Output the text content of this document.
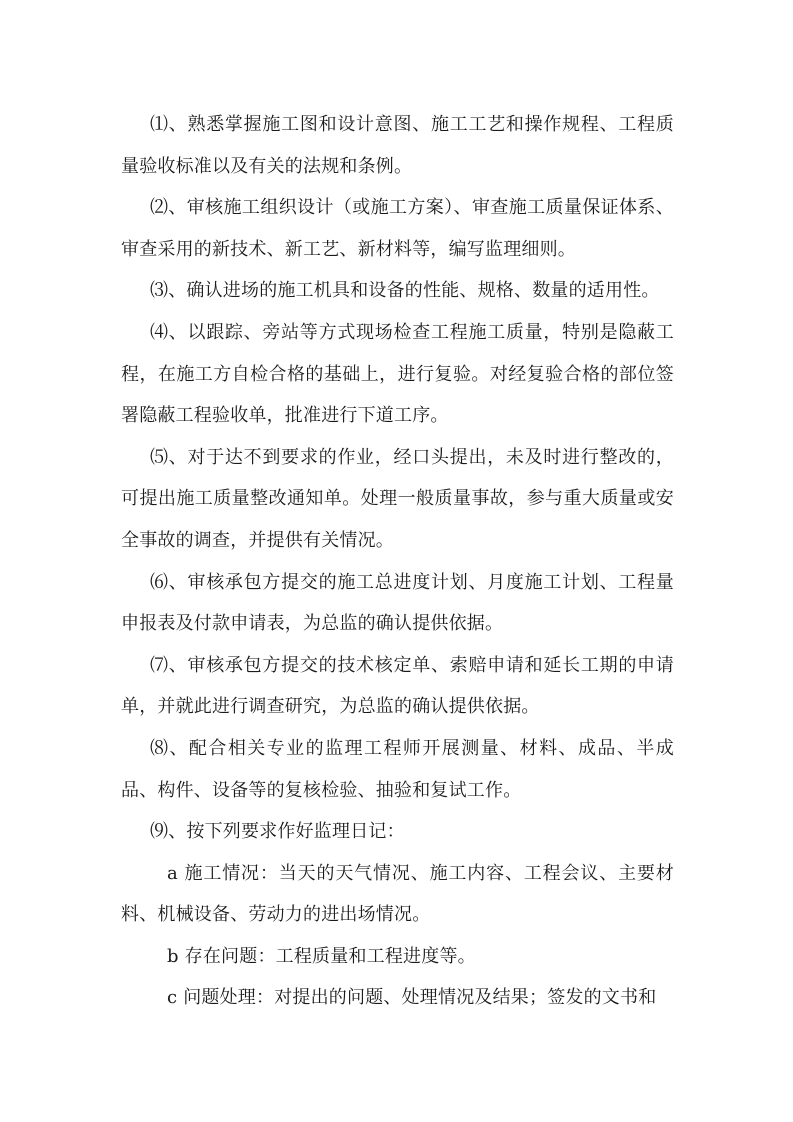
⑴、熟悉掌握施工图和设计意图、施工工艺和操作规程、工程质量验收标准以及有关的法规和条例。

⑵、审核施工组织设计（或施工方案）、审查施工质量保证体系、审查采用的新技术、新工艺、新材料等，编写监理细则。

⑶、确认进场的施工机具和设备的性能、规格、数量的适用性。

⑷、以跟踪、旁站等方式现场检查工程施工质量，特别是隐蔽工程，在施工方自检合格的基础上，进行复验。对经复验合格的部位签署隐蔽工程验收单，批准进行下道工序。

⑸、对于达不到要求的作业，经口头提出，未及时进行整改的，可提出施工质量整改通知单。处理一般质量事故，参与重大质量或安全事故的调查，并提供有关情况。

⑹、审核承包方提交的施工总进度计划、月度施工计划、工程量申报表及付款申请表，为总监的确认提供依据。

⑺、审核承包方提交的技术核定单、索赔申请和延长工期的申请单，并就此进行调查研究，为总监的确认提供依据。

⑻、配合相关专业的监理工程师开展测量、材料、成品、半成品、构件、设备等的复核检验、抽验和复试工作。

⑼、按下列要求作好监理日记：

a 施工情况：当天的天气情况、施工内容、工程会议、主要材料、机械设备、劳动力的进出场情况。

b 存在问题：工程质量和工程进度等。

c 问题处理：对提出的问题、处理情况及结果；签发的文书和
